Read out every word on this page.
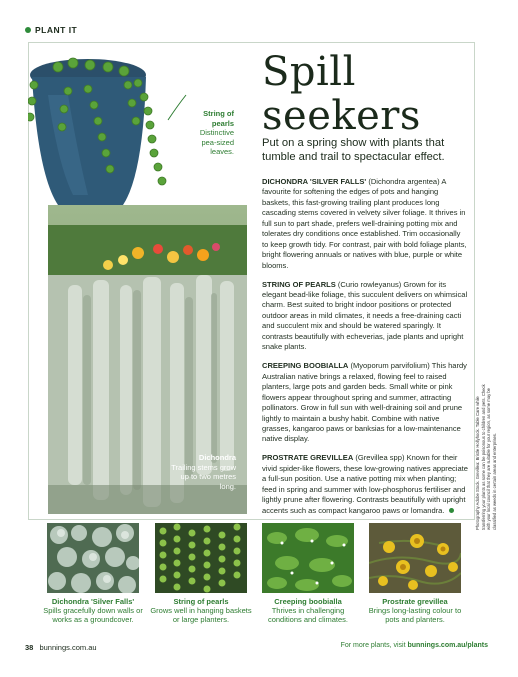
PLANT IT
String of pearls
Distinctive pea-sized leaves.
Dichondra
Trailing stems grow up to two metres long.
Spill
seekers
Put on a spring show with plants that tumble and trail to spectacular effect.
DICHONDRA 'SILVER FALLS' (Dichondra argentea) A favourite for softening the edges of pots and hanging baskets, this fast-growing trailing plant produces long cascading stems covered in velvety silver foliage. It thrives in full sun to part shade, prefers well-draining potting mix and tolerates dry conditions once established. Trim occasionally to keep growth tidy. For contrast, pair with bold foliage plants, bright flowering annuals or natives with blue, purple or white blooms.
STRING OF PEARLS (Curio rowleyanus) Grown for its elegant bead-like foliage, this succulent delivers on whimsical charm. Best suited to bright indoor positions or protected outdoor areas in mild climates, it needs a free-draining cacti and succulent mix and should be watered sparingly. It contrasts beautifully with echeverias, jade plants and upright snake plants.
CREEPING BOOBIALLA (Myoporum parvifolium) This hardy Australian native brings a relaxed, flowing feel to raised planters, large pots and garden beds. Small white or pink flowers appear throughout spring and summer, attracting pollinators. Grow in full sun with well-draining soil and prune lightly to maintain a bushy habit. Combine with native grasses, kangaroo paws or banksias for a low-maintenance native display.
PROSTRATE GREVILLEA (Grevillea spp) Known for their vivid spider-like flowers, these low-growing natives appreciate a full-sun position. Use a native potting mix when planting; feed in spring and summer with low-phosphorus fertiliser and lightly prune after flowering. Contrasts beautifully with upright accents such as compact kangaroo paws or lomandra.	Photography Adobe Stock. Grevillea: Bristle Hollyhock. Table Care while transferring your plants as some can be poisonous to children and pets. Check with your local council that they are suitable for your region, as some may be classified as weeds in certain areas and enterprises.
Dichondra 'Silver Falls'
Spills gracefully down walls or works as a groundcover.
String of pearls
Grows well in hanging baskets or large planters.
Creeping boobialla
Thrives in challenging conditions and climates.
Prostrate grevillea
Brings long-lasting colour to pots and planters.
38 bunnings.com.au	For more plants, visit bunnings.com.au/plants
